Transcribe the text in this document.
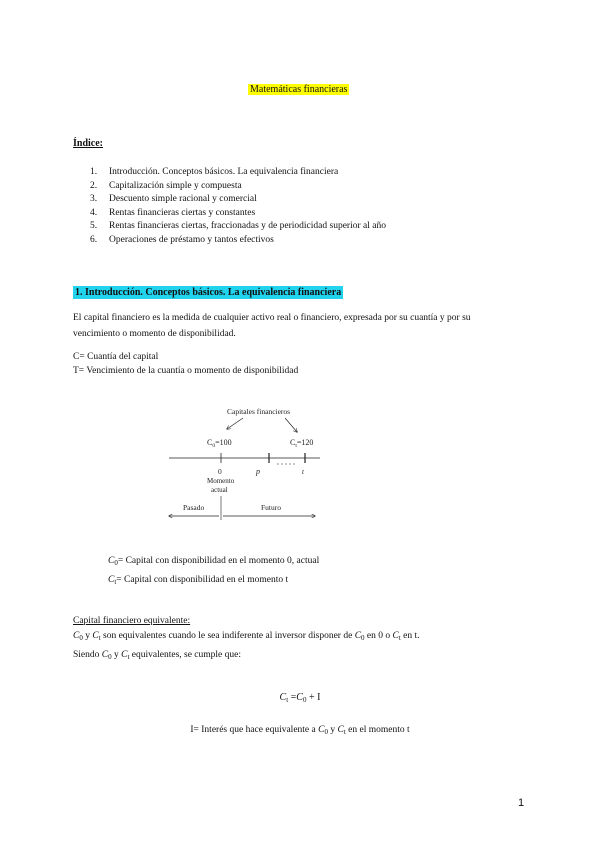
Matemáticas financieras
Índice:
1.	Introducción. Conceptos básicos. La equivalencia financiera
2.	Capitalización simple y compuesta
3.	Descuento simple racional y comercial
4.	Rentas financieras ciertas y constantes
5.	Rentas financieras ciertas, fraccionadas y de periodicidad superior al año
6.	Operaciones de préstamo y tantos efectivos
1. Introducción. Conceptos básicos. La equivalencia financiera
El capital financiero es la medida de cualquier activo real o financiero, expresada por su cuantía y por su vencimiento o momento de disponibilidad.
C= Cuantía del capital
T= Vencimiento de la cuantía o momento de disponibilidad
Capitales financieros
$C_0=100$	$C_t=120$
0	p	t
Momento
actual
Pasado	Futuro
$C_0=$ Capital con disponibilidad en el momento 0, actual
$C_t=$ Capital con disponibilidad en el momento t
Capital financiero equivalente:
$C_0$ y $C_t$ son equivalentes cuando le sea indiferente al inversor disponer de $C_0$ en 0 o $C_t$ en t.
Siendo $C_0$ y $C_t$ equivalentes, se cumple que:
$C_t =C_0 + I$
I= Interés que hace equivalente a $C_0$ y $C_t$ en el momento t
1
